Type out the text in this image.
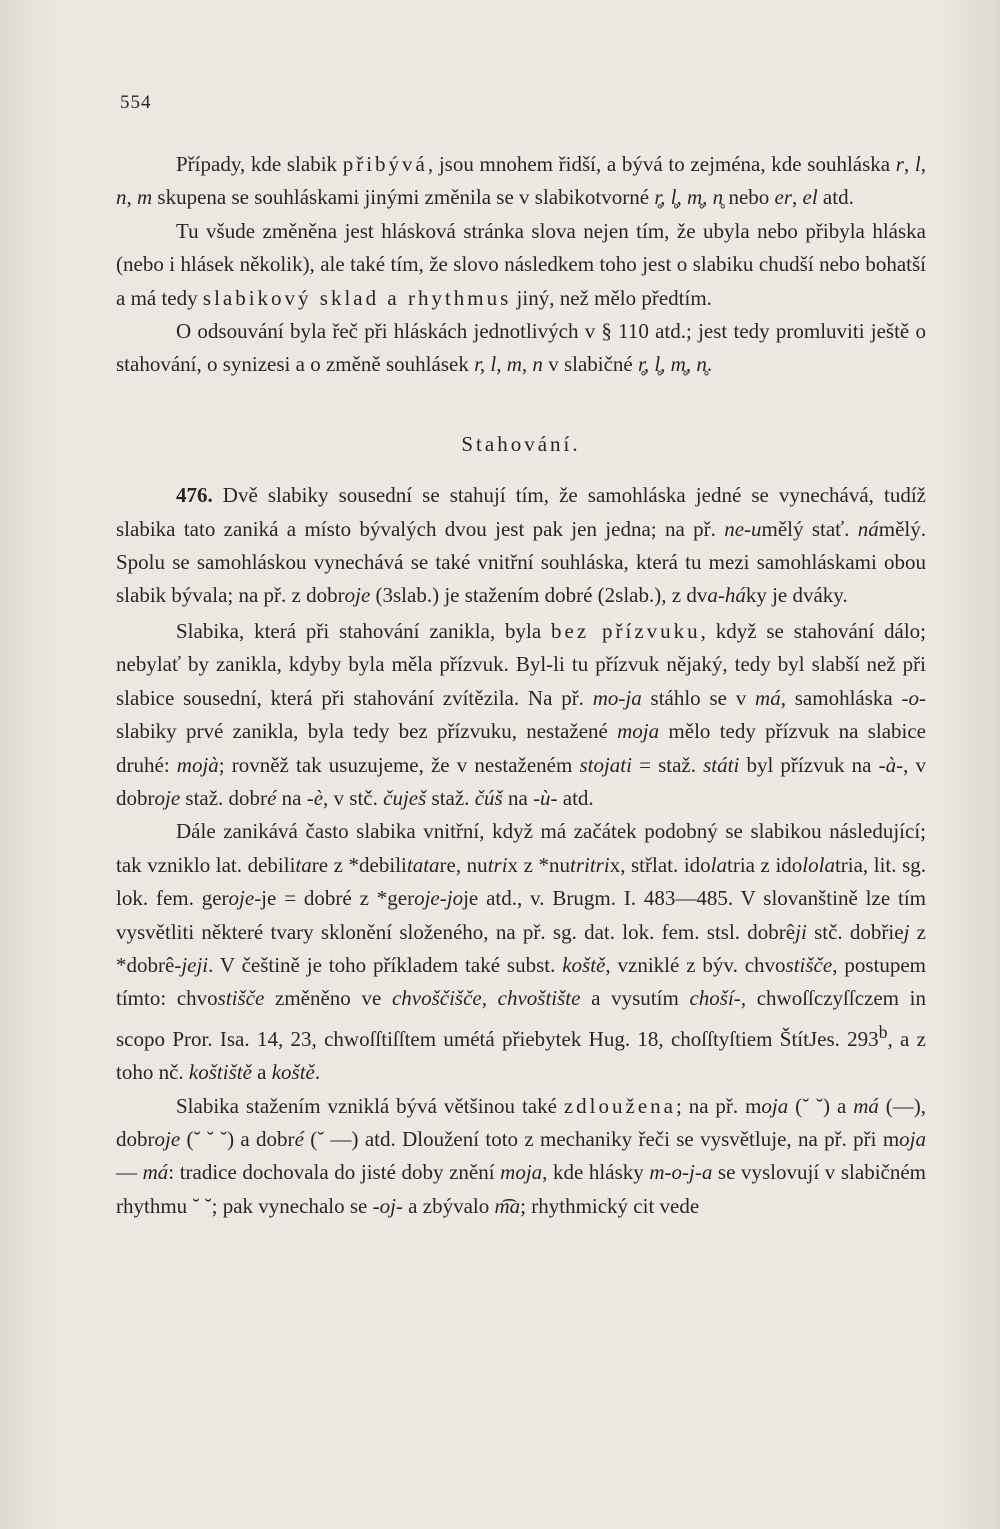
554

Případy, kde slabik přibývá, jsou mnohem řidší, a bývá to zejména, kde souhláska r, l, n, m skupena se souhláskami jinými změnila se v slabikotvorné r̥, l̥, m̥, n̥ nebo er, el atd.

Tu všude změněna jest hlásková stránka slova nejen tím, že ubyla nebo přibyla hláska (nebo i hlásek několik), ale také tím, že slovo následkem toho jest o slabiku chudší nebo bohatší a má tedy slabikový sklad a rhythmus jiný, než mělo předtím.

O odsouvání byla řeč při hláskách jednotlivých v § 110 atd.; jest tedy promluviti ještě o stahování, o synizesi a o změně souhlásek r, l, m, n v slabičné r̥, l̥, m̥, n̥.

Stahování.

476. Dvě slabiky sousední se stahují tím, že samohláska jedné se vynechává, tudíž slabika tato zaniká a místo bývalých dvou jest pak jen jedna; na př. ne-umělý stať. námělý. Spolu se samohláskou vynechává se také vnitřní souhláska, která tu mezi samohláskami obou slabik bývala; na př. z dobroje (3slab.) je stažením dobré (2slab.), z dva-háky je dváky.

Slabika, která při stahování zanikla, byla bez přízvuku, když se stahování dálo; nebylať by zanikla, kdyby byla měla přízvuk. Byl-li tu přízvuk nějaký, tedy byl slabší než při slabice sousední, která při stahování zvítězila. Na př. mo-ja stáhlo se v má, samohláska -o- slabiky prvé zanikla, byla tedy bez přízvuku, nestažené moja mělo tedy přízvuk na slabice druhé: mojà; rovněž tak usuzujeme, že v nestaženém stojati = staž. státi byl přízvuk na -à-, v dobroje staž. dobré na -è, v stč. čuješ staž. čúš na -ù- atd.

Dále zanikává často slabika vnitřní, když má začátek podobný se slabikou následující; tak vzniklo lat. debilitare z *debilitatare, nutrix z *nutritrix, střlat. idolatria z idololatria, lit. sg. lok. fem. geroje-je = dobré z *geroje-joje atd., v. Brugm. I. 483—485. V slovanštině lze tím vysvětliti některé tvary sklonění složeného, na př. sg. dat. lok. fem. stsl. dobrêji stč. dobřiej z *dobrê-jeji. V češtině je toho příkladem také subst. koště, vzniklé z býv. chvostišče, postupem tímto: chvostišče změněno ve chvoščišče, chvoštište a vysutím choší-, chwoſſczyſſczem in scopo Pror. Isa. 14, 23, chwoſſtiſſtem umétá přiebytek Hug. 18, choſſtyſtiem ŠtítJes. 293$^b$, a z toho nč. koštiště a koště.

Slabika stažením vzniklá bývá většinou také zdloužena; na př. moja (˘ ˘) a má (—), dobroje (˘ ˘ ˘) a dobré (˘ —) atd. Dloužení toto z mechaniky řeči se vysvětluje, na př. při moja — má: tradice dochovala do jisté doby znění moja, kde hlásky m-o-j-a se vyslovují v slabičném rhythmu ˘ ˘; pak vynechalo se -oj- a zbývalo m͡a; rhythmický cit vede
